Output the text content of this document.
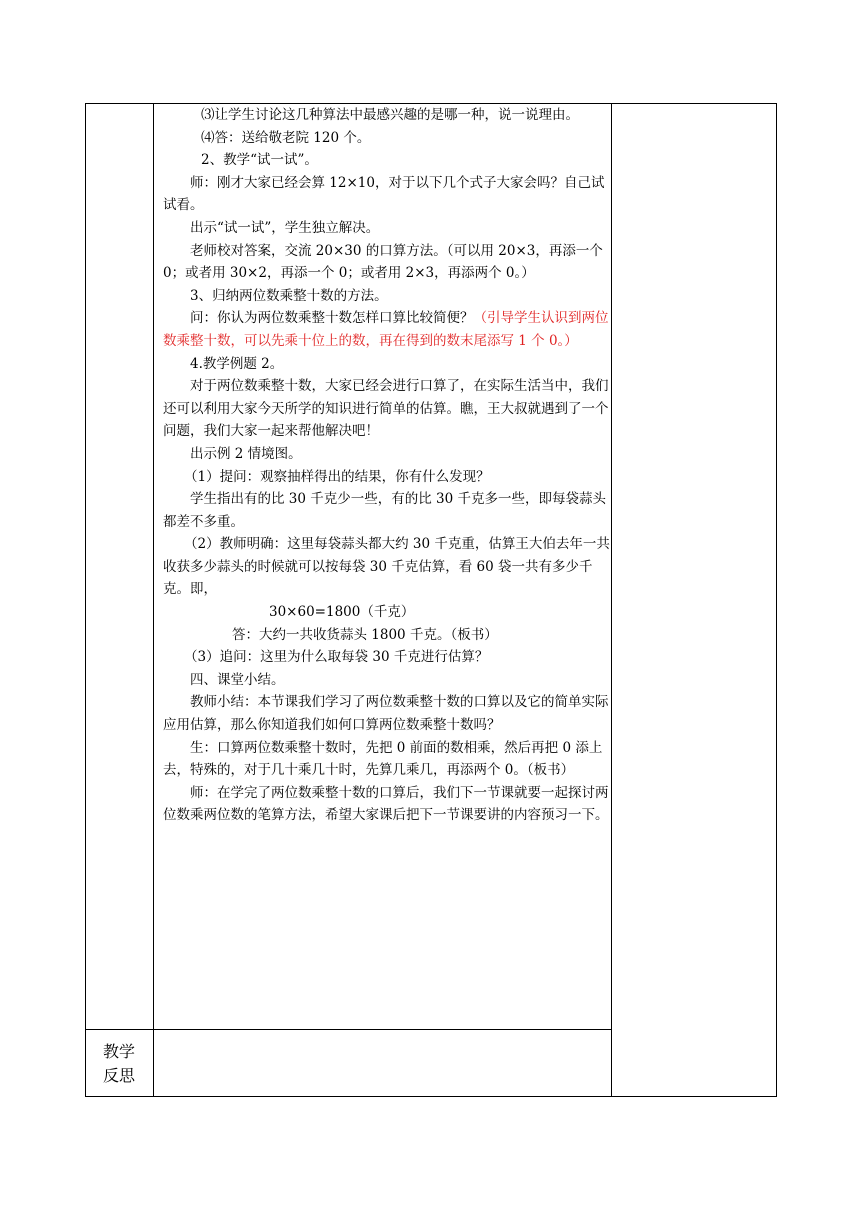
⑶让学生讨论这几种算法中最感兴趣的是哪一种，说一说理由。

⑷答：送给敬老院 120 个。

2、教学“试一试”。

师：刚才大家已经会算 12×10，对于以下几个式子大家会吗？自己试试看。

出示“试一试”，学生独立解决。

老师校对答案，交流 20×30 的口算方法。（可以用 20×3，再添一个 0；或者用 30×2，再添一个 0；或者用 2×3，再添两个 0。）

3、归纳两位数乘整十数的方法。

问：你认为两位数乘整十数怎样口算比较简便？（引导学生认识到两位数乘整十数，可以先乘十位上的数，再在得到的数末尾添写 1 个 0。）

4.教学例题 2。

对于两位数乘整十数，大家已经会进行口算了，在实际生活当中，我们还可以利用大家今天所学的知识进行简单的估算。瞧，王大叔就遇到了一个问题，我们大家一起来帮他解决吧！

出示例 2 情境图。

（1）提问：观察抽样得出的结果，你有什么发现？

学生指出有的比 30 千克少一些，有的比 30 千克多一些，即每袋蒜头都差不多重。

（2）教师明确：这里每袋蒜头都大约 30 千克重，估算王大伯去年一共收获多少蒜头的时候就可以按每袋 30 千克估算，看 60 袋一共有多少千克。即，

30×60=1800（千克）

答：大约一共收货蒜头 1800 千克。（板书）

（3）追问：这里为什么取每袋 30 千克进行估算？

四、课堂小结。

教师小结：本节课我们学习了两位数乘整十数的口算以及它的简单实际应用估算，那么你知道我们如何口算两位数乘整十数吗？

生：口算两位数乘整十数时，先把 0 前面的数相乘，然后再把 0 添上去，特殊的，对于几十乘几十时，先算几乘几，再添两个 0。（板书）

师：在学完了两位数乘整十数的口算后，我们下一节课就要一起探讨两位数乘两位数的笔算方法，希望大家课后把下一节课要讲的内容预习一下。

教学
反思
